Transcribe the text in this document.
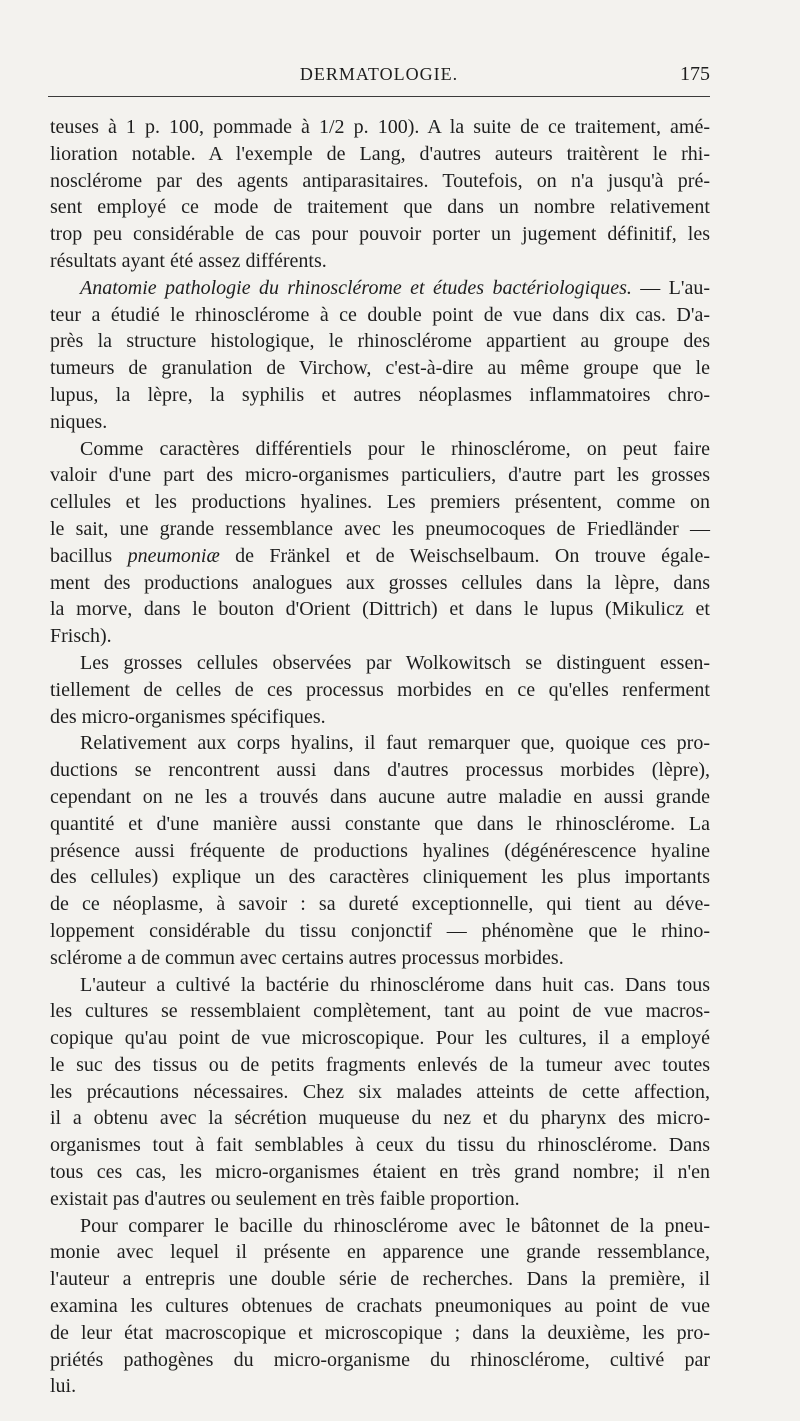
DERMATOLOGIE.	175
teuses à 1 p. 100, pommade à 1/2 p. 100). A la suite de ce traitement, amé-
lioration notable. A l'exemple de Lang, d'autres auteurs traitèrent le rhi-
nosclérome par des agents antiparasitaires. Toutefois, on n'a jusqu'à pré-
sent employé ce mode de traitement que dans un nombre relativement
trop peu considérable de cas pour pouvoir porter un jugement définitif, les
résultats ayant été assez différents.
Anatomie pathologie du rhinosclérome et études bactériologiques. — L'au-
teur a étudié le rhinosclérome à ce double point de vue dans dix cas. D'a-
près la structure histologique, le rhinosclérome appartient au groupe des
tumeurs de granulation de Virchow, c'est-à-dire au même groupe que le
lupus, la lèpre, la syphilis et autres néoplasmes inflammatoires chro-
niques.
Comme caractères différentiels pour le rhinosclérome, on peut faire
valoir d'une part des micro-organismes particuliers, d'autre part les grosses
cellules et les productions hyalines. Les premiers présentent, comme on
le sait, une grande ressemblance avec les pneumocoques de Friedländer —
bacillus pneumoniæ de Fränkel et de Weischselbaum. On trouve égale-
ment des productions analogues aux grosses cellules dans la lèpre, dans
la morve, dans le bouton d'Orient (Dittrich) et dans le lupus (Mikulicz et
Frisch).
Les grosses cellules observées par Wolkowitsch se distinguent essen-
tiellement de celles de ces processus morbides en ce qu'elles renferment
des micro-organismes spécifiques.
Relativement aux corps hyalins, il faut remarquer que, quoique ces pro-
ductions se rencontrent aussi dans d'autres processus morbides (lèpre),
cependant on ne les a trouvés dans aucune autre maladie en aussi grande
quantité et d'une manière aussi constante que dans le rhinosclérome. La
présence aussi fréquente de productions hyalines (dégénérescence hyaline
des cellules) explique un des caractères cliniquement les plus importants
de ce néoplasme, à savoir : sa dureté exceptionnelle, qui tient au déve-
loppement considérable du tissu conjonctif — phénomène que le rhino-
sclérome a de commun avec certains autres processus morbides.
L'auteur a cultivé la bactérie du rhinosclérome dans huit cas. Dans tous
les cultures se ressemblaient complètement, tant au point de vue macros-
copique qu'au point de vue microscopique. Pour les cultures, il a employé
le suc des tissus ou de petits fragments enlevés de la tumeur avec toutes
les précautions nécessaires. Chez six malades atteints de cette affection,
il a obtenu avec la sécrétion muqueuse du nez et du pharynx des micro-
organismes tout à fait semblables à ceux du tissu du rhinosclérome. Dans
tous ces cas, les micro-organismes étaient en très grand nombre; il n'en
existait pas d'autres ou seulement en très faible proportion.
Pour comparer le bacille du rhinosclérome avec le bâtonnet de la pneu-
monie avec lequel il présente en apparence une grande ressemblance,
l'auteur a entrepris une double série de recherches. Dans la première, il
examina les cultures obtenues de crachats pneumoniques au point de vue
de leur état macroscopique et microscopique ; dans la deuxième, les pro-
priétés pathogènes du micro-organisme du rhinosclérome, cultivé par
lui.
